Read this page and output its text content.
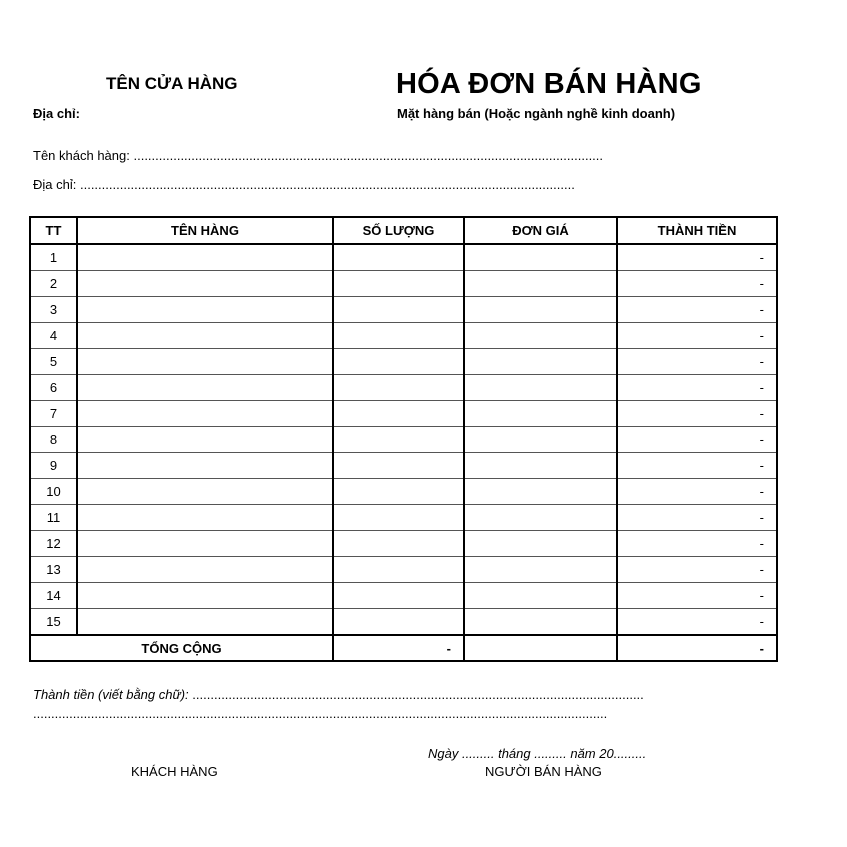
TÊN CỬA HÀNG
Địa chỉ:
HÓA ĐƠN BÁN HÀNG
Mặt hàng bán (Hoặc ngành nghề kinh doanh)
Tên khách hàng: ..................................................................................................................................
Địa chỉ: .........................................................................................................................................
TT	TÊN HÀNG	SỐ LƯỢNG	ĐƠN GIÁ	THÀNH TIỀN
1				-
2				-
3				-
4				-
5				-
6				-
7				-
8				-
9				-
10				-
11				-
12				-
13				-
14				-
15				-
TỔNG CỘNG		-		-
Thành tiền (viết bằng chữ): .............................................................................................................................
...............................................................................................................................................................
Ngày ......... tháng ......... năm 20.........
KHÁCH HÀNG	NGƯỜI BÁN HÀNG
